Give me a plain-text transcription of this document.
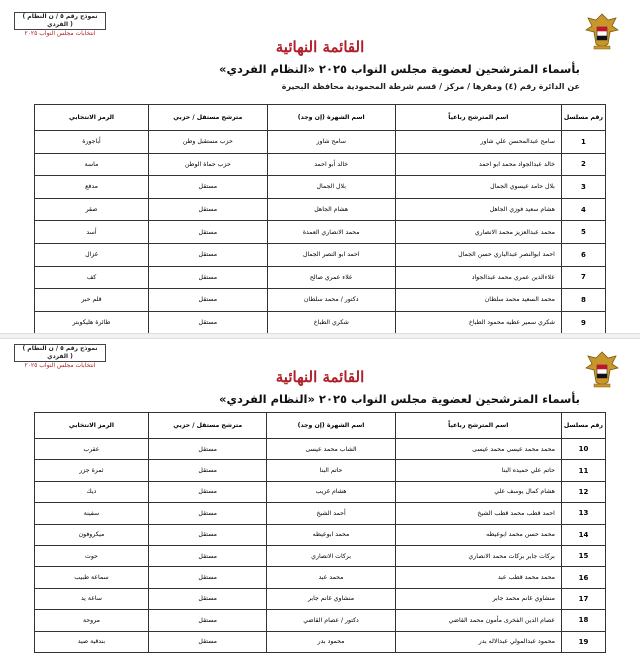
( نموذج رقم ٥ / ن النظام الفردي )
انتخابات مجلس النواب ٢٠٢٥
القائمة النهائية
بأسماء المترشحين لعضوية مجلس النواب ٢٠٢٥ «النظام الفردي»
عن الدائرة رقم (٤) ومقرها / مركز / قسم شرطة المحمودية محافظة البحيرة
رقم مسلسل	اسم المترشح رباعياً	اسم الشهرة (إن وجد)	مترشح مستقل / حزبي	الرمز الانتخابي
1	سامح عبدالمحسن علي شاور	سامح شاور	حزب مستقبل وطن	أباجورة
2	خالد عبدالجواد محمد ابو احمد	خالد أبو احمد	حزب حماة الوطن	ماسة
3	بلال حامد عيسوي الجمال	بلال الجمال	مستقل	مدفع
4	هشام سعيد فوزي الجاهل	هشام الجاهل	مستقل	صقر
5	محمد عبدالعزيز محمد الانصاري	محمد الانصاري العمدة	مستقل	أسد
6	احمد ابوالنصر عبدالباري حسن الجمال	احمد ابو النصر الجمال	مستقل	غزال
7	علاءالدين عمري محمد عبدالجواد	علاء عمري صالح	مستقل	كف
8	محمد السعيد محمد سلطان	دكتور / محمد سلطان	مستقل	قلم حبر
9	شكري سمير عطيه محمود الطباخ	شكري الطباخ	مستقل	طائرة هليكوبتر
( نموذج رقم ٥ / ن النظام الفردي )
انتخابات مجلس النواب ٢٠٢٥
القائمة النهائية
بأسماء المترشحين لعضوية مجلس النواب ٢٠٢٥ «النظام الفردي»
رقم مسلسل	اسم المترشح رباعياً	اسم الشهرة (إن وجد)	مترشح مستقل / حزبي	الرمز الانتخابي
10	محمد محمد عيسى محمد عيسى	الشاب محمد عيسى	مستقل	عقرب
11	حاتم علي حميده البنا	حاتم البنا	مستقل	ثمرة جزر
12	هشام كمال يوسف علي	هشام غريب	مستقل	ديك
13	احمد قطب محمد قطب الشيخ	أحمد الشيخ	مستقل	سفينة
14	محمد حسن محمد ابوعيطه	محمد ابوعيطه	مستقل	ميكروفون
15	بركات جابر بركات محمد الانصاري	بركات الانصاري	مستقل	حوت
16	محمد محمد قطب عبد	محمد عبد	مستقل	سماعة طبيب
17	منشاوي غانم محمد جابر	منشاوي غانم جابر	مستقل	ساعة يد
18	عصام الدين الفخرى مأمون محمد القاضي	دكتور / عصام القاضي	مستقل	مروحة
19	محمود عبدالمولي عبدالاله بدر	محمود بدر	مستقل	بندقية صيد
